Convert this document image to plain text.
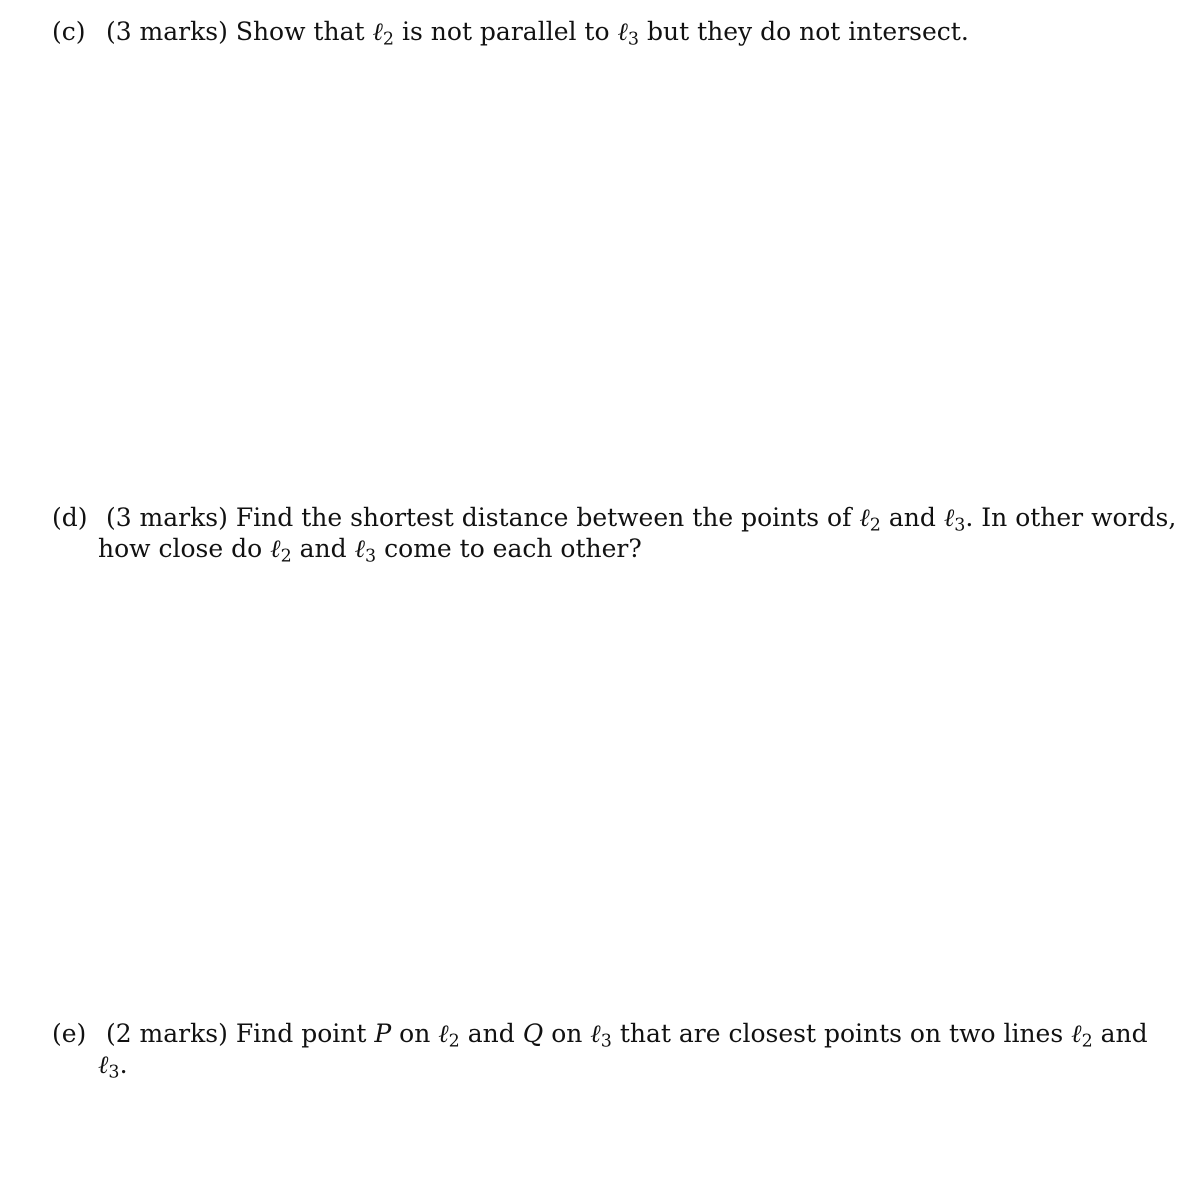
(c) (3 marks) Show that ℓ$_2$ is not parallel to ℓ$_3$ but they do not intersect.
(d) (3 marks) Find the shortest distance between the points of ℓ$_2$ and ℓ$_3$. In other words,
how close do ℓ$_2$ and ℓ$_3$ come to each other?
(e) (2 marks) Find point P on ℓ$_2$ and Q on ℓ$_3$ that are closest points on two lines ℓ$_2$ and
ℓ$_3$.
